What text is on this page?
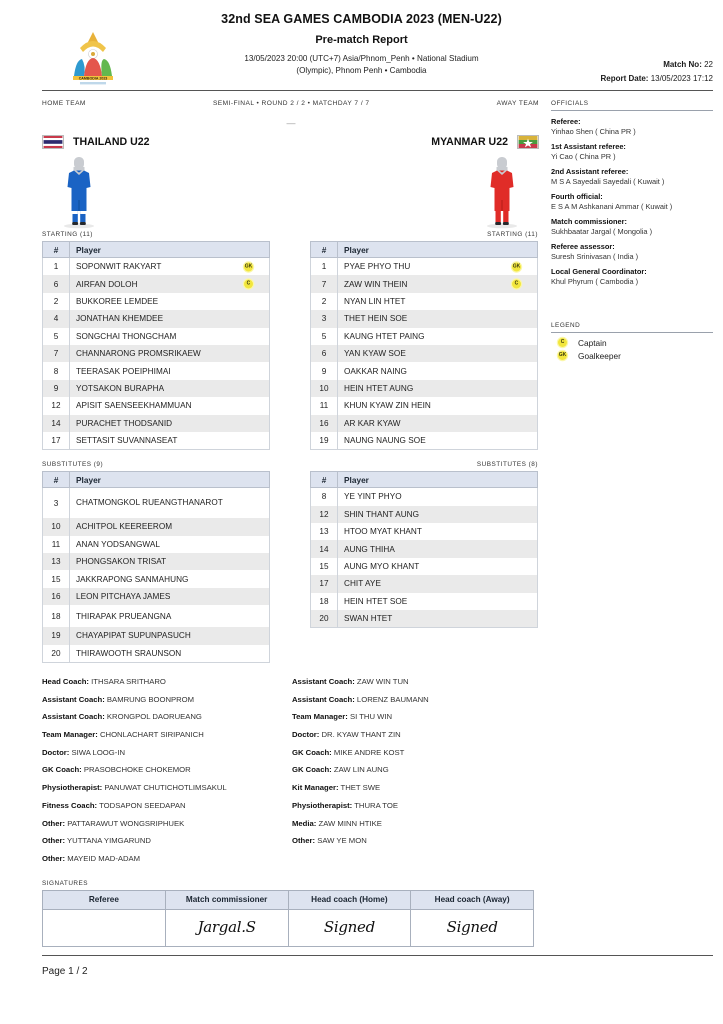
CAMBODIA 2023
32nd SEA GAMES CAMBODIA 2023 (MEN-U22)
Pre-match Report
13/05/2023 20:00 (UTC+7) Asia/Phnom_Penh • National Stadium
(Olympic), Phnom Penh • Cambodia
Match No: 22
Report Date: 13/05/2023 17:12
HOME TEAM	SEMI-FINAL • ROUND 2 / 2 • MATCHDAY 7 / 7
—
AWAY TEAM
THAILAND U22	MYANMAR U22
STARTING (11)
#	Player
1	SOPONWIT RAKYART GK

6	AIRFAN DOLOH C

2	BUKKOREE LEMDEE
4	JONATHAN KHEMDEE
5	SONGCHAI THONGCHAM
7	CHANNARONG PROMSRIKAEW
8	TEERASAK POEIPHIMAI
9	YOTSAKON BURAPHA
12	APISIT SAENSEEKHAMMUAN
14	PURACHET THODSANID
17	SETTASIT SUVANNASEAT
STARTING (11)
#	Player
1	PYAE PHYO THU GK

7	ZAW WIN THEIN C

2	NYAN LIN HTET
3	THET HEIN SOE
5	KAUNG HTET PAING
6	YAN KYAW SOE
9	OAKKAR NAING
10	HEIN HTET AUNG
11	KHUN KYAW ZIN HEIN
16	AR KAR KYAW
19	NAUNG NAUNG SOE
SUBSTITUTES (9)
#	Player
3	CHATMONGKOL RUEANGTHANAROT
10	ACHITPOL KEEREEROM
11	ANAN YODSANGWAL
13	PHONGSAKON TRISAT
15	JAKKRAPONG SANMAHUNG
16	LEON PITCHAYA JAMES
18	THIRAPAK PRUEANGNA
19	CHAYAPIPAT SUPUNPASUCH
20	THIRAWOOTH SRAUNSON
SUBSTITUTES (8)
#	Player
8	YE YINT PHYO
12	SHIN THANT AUNG
13	HTOO MYAT KHANT
14	AUNG THIHA
15	AUNG MYO KHANT
17	CHIT AYE
18	HEIN HTET SOE
20	SWAN HTET
OFFICIALS
Referee:
Yinhao Shen ( China PR )
1st Assistant referee:
Yi Cao ( China PR )
2nd Assistant referee:
M S A Sayedali Sayedali ( Kuwait )
Fourth official:
E S A M Ashkanani Ammar ( Kuwait )
Match commissioner:
Sukhbaatar Jargal ( Mongolia )
Referee assessor:
Suresh Srinivasan ( India )
Local General Coordinator:
Khul Phyrum ( Cambodia )
LEGEND
C	Captain
GK Goalkeeper
Head Coach: ITHSARA SRITHARO
Assistant Coach: BAMRUNG BOONPROM
Assistant Coach: KRONGPOL DAORUEANG
Team Manager: CHONLACHART SIRIPANICH
Doctor: SIWA LOOG-IN
GK Coach: PRASOBCHOKE CHOKEMOR
Physiotherapist: PANUWAT CHUTICHOTLIMSAKUL
Fitness Coach: TODSAPON SEEDAPAN
Other: PATTARAWUT WONGSRIPHUEK
Other: YUTTANA YIMGARUND
Other: MAYEID MAD-ADAM
Assistant Coach: ZAW WIN TUN
Assistant Coach: LORENZ BAUMANN
Team Manager: SI THU WIN
Doctor: DR. KYAW THANT ZIN
GK Coach: MIKE ANDRE KOST
GK Coach: ZAW LIN AUNG
Kit Manager: THET SWE
Physiotherapist: THURA TOE
Media: ZAW MINN HTIKE
Other: SAW YE MON
SIGNATURES
Referee	Match commissioner	Head coach (Home)	Head coach (Away)
	Jargal.S	Signed	Signed
Page 1 / 2
